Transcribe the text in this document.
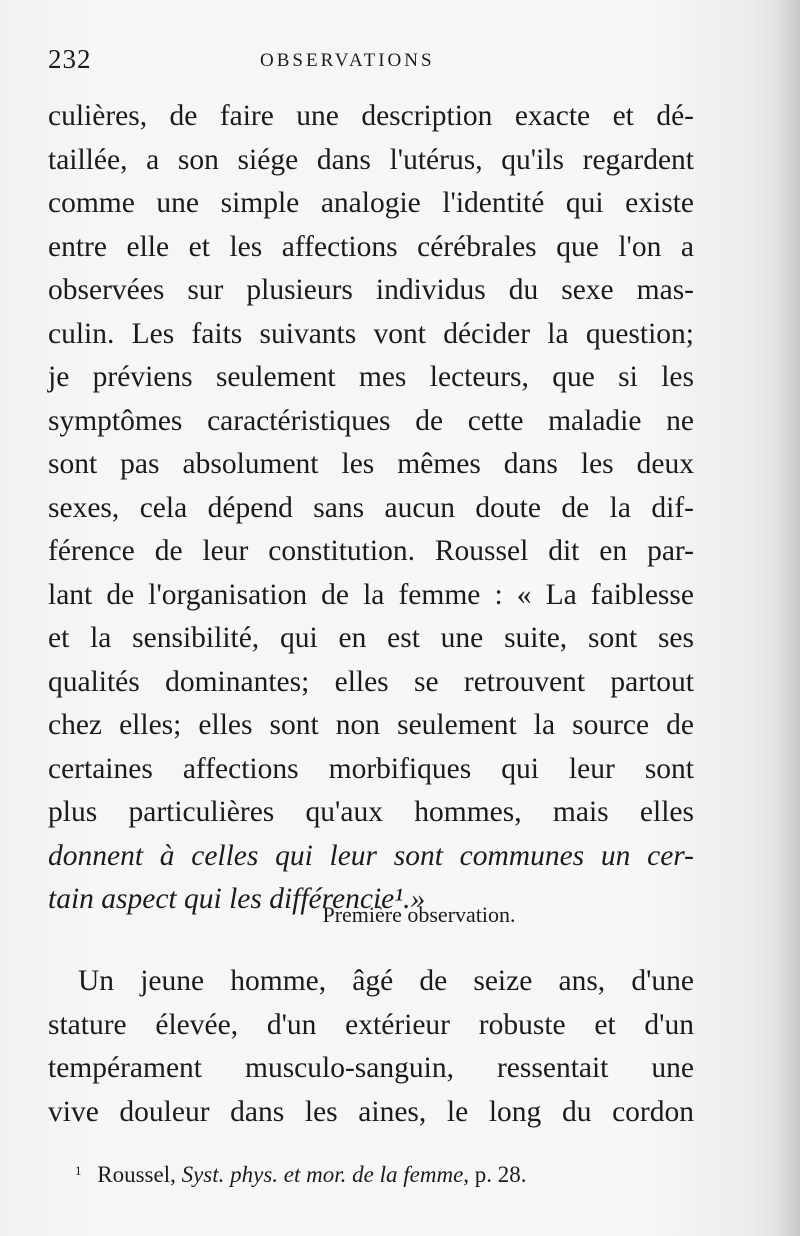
232	OBSERVATIONS
culières, de faire une description exacte et dé-
taillée, a son siége dans l'utérus, qu'ils regardent
comme une simple analogie l'identité qui existe
entre elle et les affections cérébrales que l'on a
observées sur plusieurs individus du sexe mas-
culin. Les faits suivants vont décider la question;
je préviens seulement mes lecteurs, que si les
symptômes caractéristiques de cette maladie ne
sont pas absolument les mêmes dans les deux
sexes, cela dépend sans aucun doute de la dif-
férence de leur constitution. Roussel dit en par-
lant de l'organisation de la femme : « La faiblesse
et la sensibilité, qui en est une suite, sont ses
qualités dominantes; elles se retrouvent partout
chez elles; elles sont non seulement la source de
certaines affections morbifiques qui leur sont
plus particulières qu'aux hommes, mais elles
donnent à celles qui leur sont communes un cer-
tain aspect qui les différencie¹.»
Première observation.
Un jeune homme, âgé de seize ans, d'une
stature élevée, d'un extérieur robuste et d'un
tempérament musculo-sanguin, ressentait une
vive douleur dans les aines, le long du cordon
$^1$ Roussel, Syst. phys. et mor. de la femme, p. 28.
